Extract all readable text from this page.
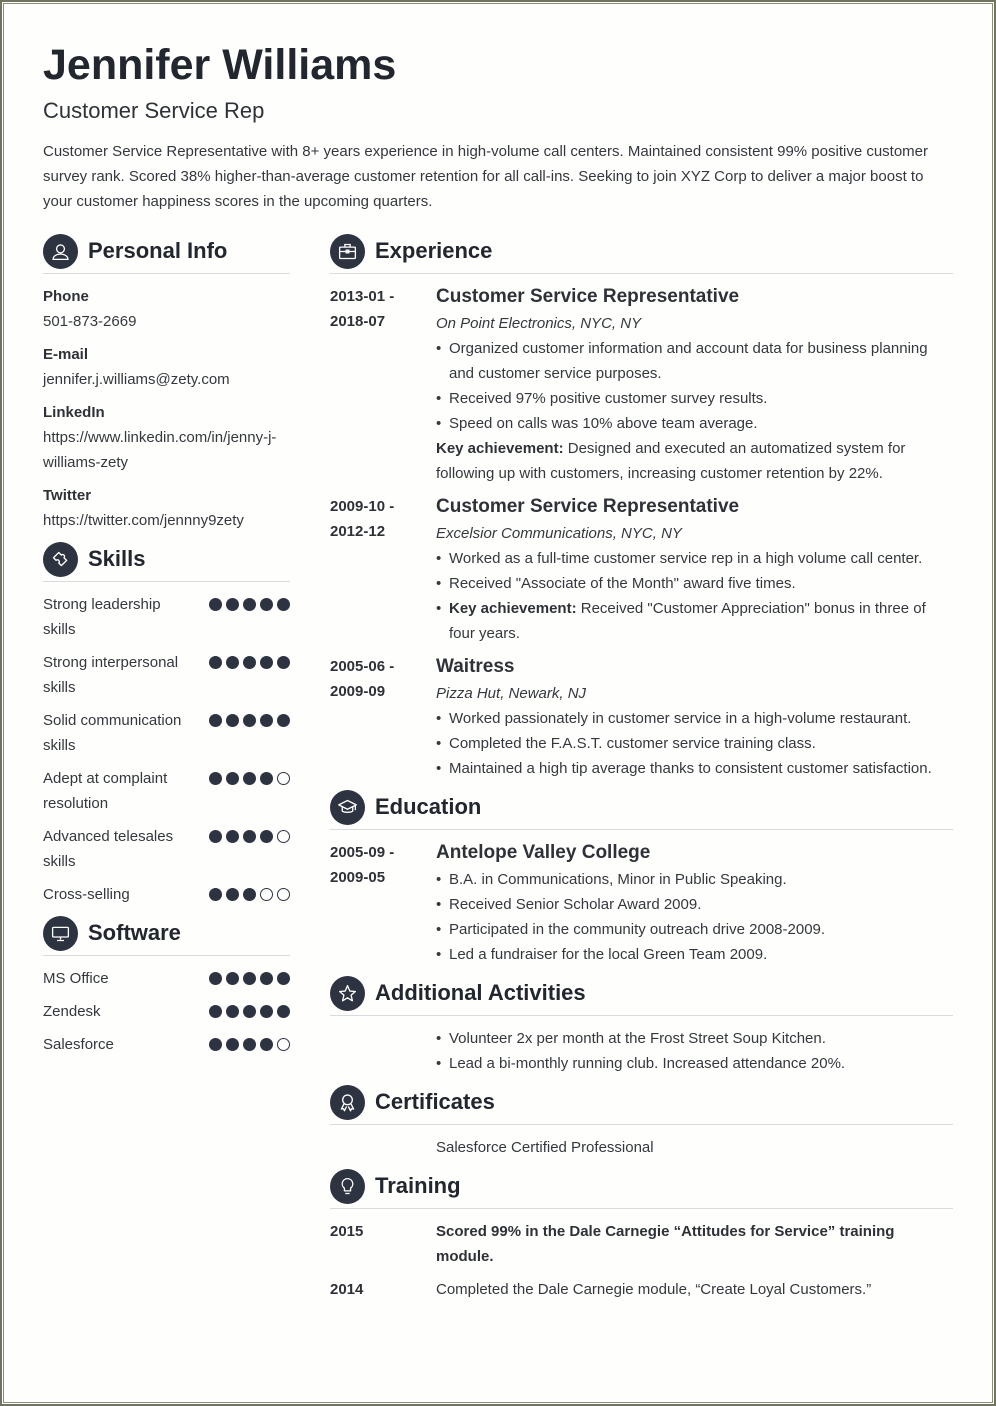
Jennifer Williams
Customer Service Rep
Customer Service Representative with 8+ years experience in high-volume call centers. Maintained consistent 99% positive customer survey rank. Scored 38% higher-than-average customer retention for all call-ins. Seeking to join XYZ Corp to deliver a major boost to your customer happiness scores in the upcoming quarters.
Personal Info
Phone
501-873-2669
E-mail
jennifer.j.williams@zety.com
LinkedIn
https://www.linkedin.com/in/jenny-j-williams-zety
Twitter
https://twitter.com/jennny9zety
Skills
Strong leadership skills
Strong interpersonal skills
Solid communication skills
Adept at complaint resolution
Advanced telesales skills
Cross-selling
Software
MS Office
Zendesk
Salesforce
Experience
2013-01 -
2018-07
Customer Service Representative
On Point Electronics, NYC, NY
• Organized customer information and account data for business planning and customer service purposes.
• Received 97% positive customer survey results.
• Speed on calls was 10% above team average.
Key achievement: Designed and executed an automatized system for following up with customers, increasing customer retention by 22%.
2009-10 -
2012-12
Customer Service Representative
Excelsior Communications, NYC, NY
• Worked as a full-time customer service rep in a high volume call center.
• Received "Associate of the Month" award five times.
• Key achievement: Received "Customer Appreciation" bonus in three of four years.
2005-06 -
2009-09
Waitress
Pizza Hut, Newark, NJ
• Worked passionately in customer service in a high-volume restaurant.
• Completed the F.A.S.T. customer service training class.
• Maintained a high tip average thanks to consistent customer satisfaction.
Education
2005-09 -
2009-05
Antelope Valley College
• B.A. in Communications, Minor in Public Speaking.
• Received Senior Scholar Award 2009.
• Participated in the community outreach drive 2008-2009.
• Led a fundraiser for the local Green Team 2009.
Additional Activities
• Volunteer 2x per month at the Frost Street Soup Kitchen.
• Lead a bi-monthly running club. Increased attendance 20%.
Certificates
Salesforce Certified Professional
Training
2015	Scored 99% in the Dale Carnegie “Attitudes for Service” training module.
2014	Completed the Dale Carnegie module, “Create Loyal Customers.”
